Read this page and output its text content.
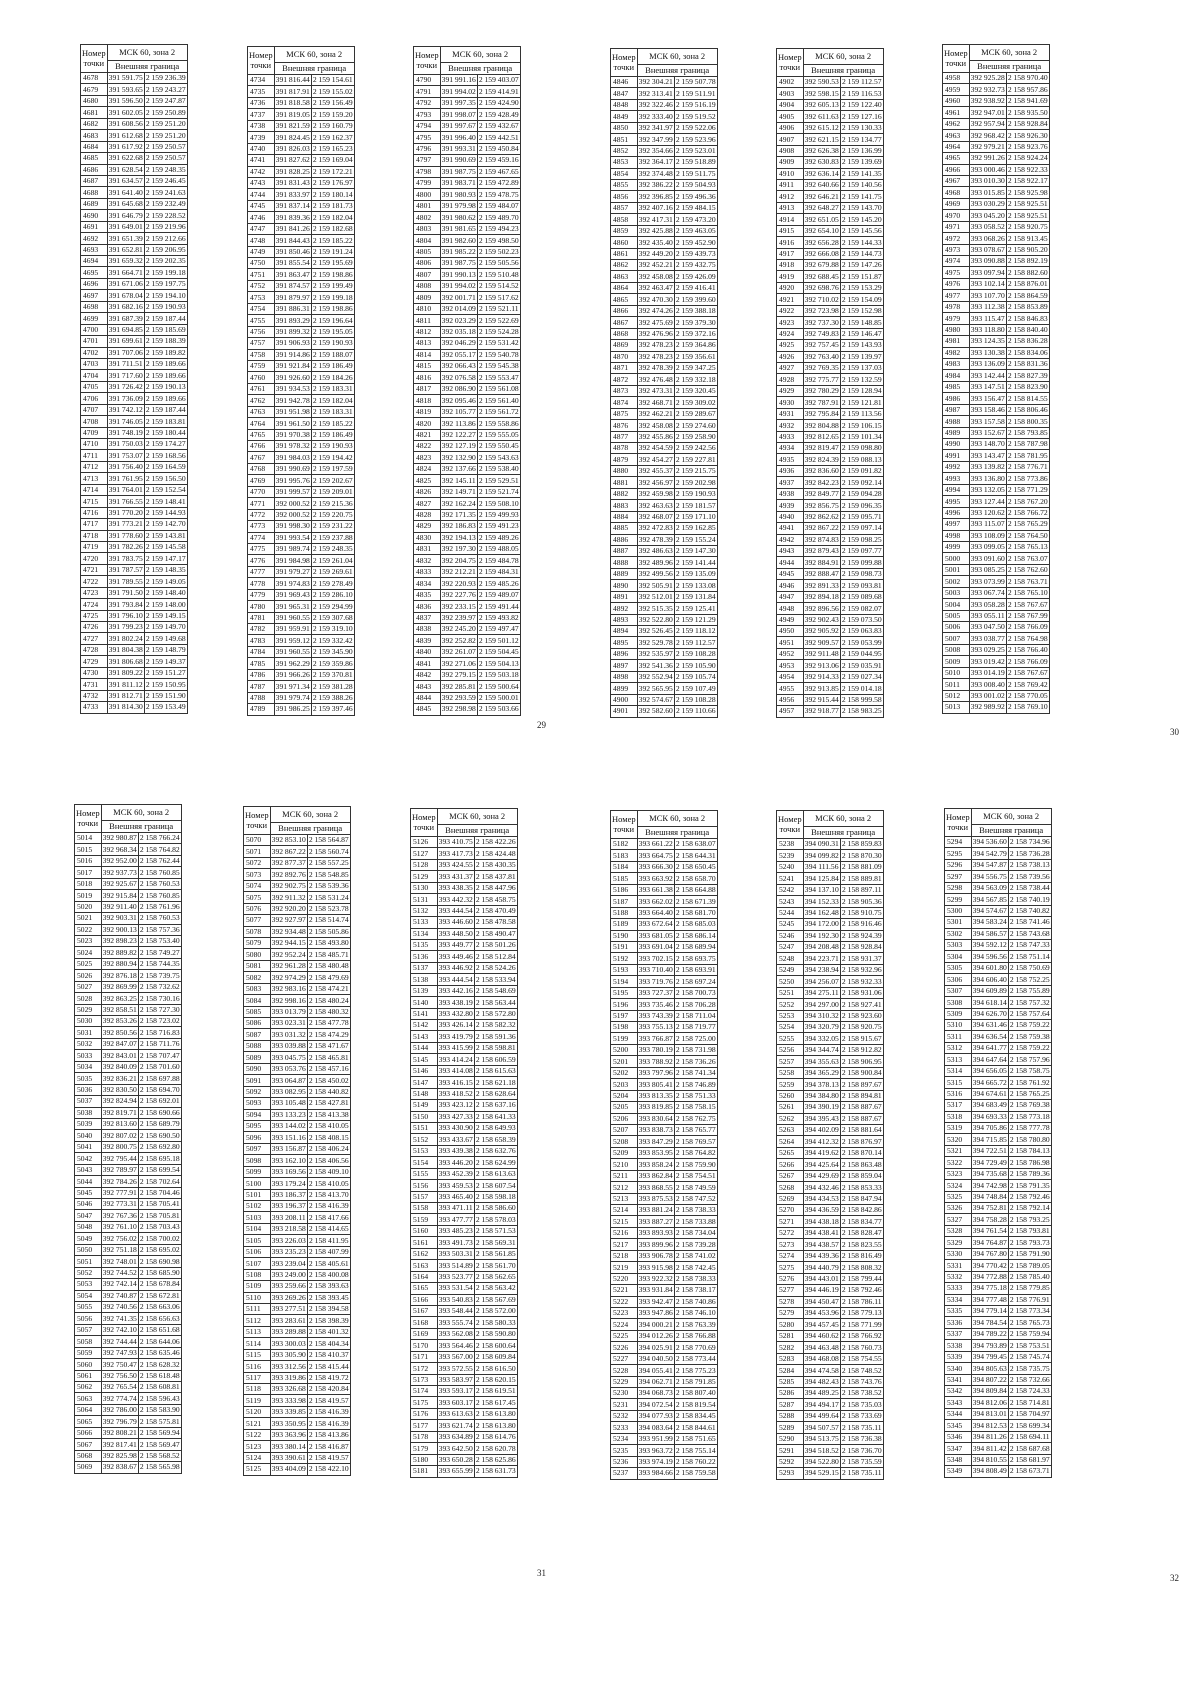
Номер точки	МСК 60, зона 2	
	Внешняя граница	
4678	391 591.75	2 159 236.39
4679	391 593.65	2 159 243.27
4680	391 596.50	2 159 247.87
4681	391 602.05	2 159 250.89
4682	391 608.56	2 159 251.20
4683	391 612.68	2 159 251.20
4684	391 617.92	2 159 250.57
4685	391 622.68	2 159 250.57
4686	391 628.54	2 159 248.35
4687	391 634.57	2 159 246.45
4688	391 641.40	2 159 241.63
4689	391 645.68	2 159 232.49
4690	391 646.79	2 159 228.52
4691	391 649.01	2 159 219.96
4692	391 651.39	2 159 212.66
4693	391 652.81	2 159 206.95
4694	391 659.32	2 159 202.35
4695	391 664.71	2 159 199.18
4696	391 671.06	2 159 197.75
4697	391 678.04	2 159 194.10
4698	391 682.16	2 159 190.93
4699	391 687.39	2 159 187.44
4700	391 694.85	2 159 185.69
4701	391 699.61	2 159 188.39
4702	391 707.06	2 159 189.82
4703	391 711.51	2 159 189.66
4704	391 717.60	2 159 189.66
4705	391 726.42	2 159 190.13
4706	391 736.09	2 159 189.66
4707	391 742.12	2 159 187.44
4708	391 746.05	2 159 183.81
4709	391 748.19	2 159 180.44
4710	391 750.03	2 159 174.27
4711	391 753.07	2 159 168.56
4712	391 756.40	2 159 164.59
4713	391 761.95	2 159 156.50
4714	391 764.01	2 159 152.54
4715	391 766.55	2 159 148.41
4716	391 770.20	2 159 144.93
4717	391 773.21	2 159 142.70
4718	391 778.60	2 159 143.81
4719	391 782.26	2 159 145.58
4720	391 783.75	2 159 147.17
4721	391 787.57	2 159 148.35
4722	391 789.55	2 159 149.05
4723	391 791.50	2 159 148.40
4724	391 793.84	2 159 148.00
4725	391 796.10	2 159 149.15
4726	391 799.23	2 159 149.70
4727	391 802.24	2 159 149.68
4728	391 804.38	2 159 148.79
4729	391 806.68	2 159 149.37
4730	391 809.22	2 159 151.27
4731	391 811.12	2 159 150.95
4732	391 812.71	2 159 151.90
4733	391 814.30	2 159 153.49
Номер точки	МСК 60, зона 2	
	Внешняя граница	
4734	391 816.44	2 159 154.61
4735	391 817.91	2 159 155.02
4736	391 818.58	2 159 156.49
4737	391 819.05	2 159 159.20
4738	391 821.59	2 159 160.79
4739	391 824.45	2 159 162.37
4740	391 826.03	2 159 165.23
4741	391 827.62	2 159 169.04
4742	391 828.25	2 159 172.21
4743	391 831.43	2 159 176.97
4744	391 833.97	2 159 180.14
4745	391 837.14	2 159 181.73
4746	391 839.36	2 159 182.04
4747	391 841.26	2 159 182.68
4748	391 844.43	2 159 185.22
4749	391 850.46	2 159 191.24
4750	391 855.54	2 159 195.69
4751	391 863.47	2 159 198.86
4752	391 874.57	2 159 199.49
4753	391 879.97	2 159 199.18
4754	391 886.31	2 159 198.86
4755	391 893.29	2 159 196.64
4756	391 899.32	2 159 195.05
4757	391 906.93	2 159 190.93
4758	391 914.86	2 159 188.07
4759	391 921.84	2 159 186.49
4760	391 926.60	2 159 184.26
4761	391 934.53	2 159 183.31
4762	391 942.78	2 159 182.04
4763	391 951.98	2 159 183.31
4764	391 961.50	2 159 185.22
4765	391 970.38	2 159 186.49
4766	391 978.32	2 159 190.93
4767	391 984.03	2 159 194.42
4768	391 990.69	2 159 197.59
4769	391 995.76	2 159 202.67
4770	391 999.57	2 159 209.01
4771	392 000.52	2 159 215.36
4772	392 000.52	2 159 220.75
4773	391 998.30	2 159 231.22
4774	391 993.54	2 159 237.88
4775	391 989.74	2 159 248.35
4776	391 984.98	2 159 261.04
4777	391 979.27	2 159 269.61
4778	391 974.83	2 159 278.49
4779	391 969.43	2 159 286.10
4780	391 965.31	2 159 294.99
4781	391 960.55	2 159 307.68
4782	391 959.91	2 159 319.10
4783	391 959.12	2 159 332.42
4784	391 960.55	2 159 345.90
4785	391 962.29	2 159 359.86
4786	391 966.26	2 159 370.81
4787	391 971.34	2 159 381.28
4788	391 979.74	2 159 388.26
4789	391 986.25	2 159 397.46
Номер точки	МСК 60, зона 2	
	Внешняя граница	
4790	391 991.16	2 159 403.07
4791	391 994.02	2 159 414.91
4792	391 997.35	2 159 424.90
4793	391 998.07	2 159 428.49
4794	391 997.67	2 159 432.67
4795	391 996.40	2 159 442.51
4796	391 993.31	2 159 450.84
4797	391 990.69	2 159 459.16
4798	391 987.75	2 159 467.65
4799	391 983.71	2 159 472.89
4800	391 980.93	2 159 478.75
4801	391 979.98	2 159 484.07
4802	391 980.62	2 159 489.70
4803	391 981.65	2 159 494.23
4804	391 982.60	2 159 498.50
4805	391 985.22	2 159 502.23
4806	391 987.75	2 159 505.56
4807	391 990.13	2 159 510.48
4808	391 994.02	2 159 514.52
4809	392 001.71	2 159 517.62
4810	392 014.09	2 159 521.11
4811	392 023.29	2 159 522.69
4812	392 035.18	2 159 524.28
4813	392 046.29	2 159 531.42
4814	392 055.17	2 159 540.78
4815	392 066.43	2 159 545.38
4816	392 076.58	2 159 553.47
4817	392 086.90	2 159 561.08
4818	392 095.46	2 159 561.40
4819	392 105.77	2 159 561.72
4820	392 113.86	2 159 558.86
4821	392 122.27	2 159 555.05
4822	392 127.19	2 159 550.45
4823	392 132.90	2 159 543.63
4824	392 137.66	2 159 538.40
4825	392 145.11	2 159 529.51
4826	392 149.71	2 159 521.74
4827	392 162.24	2 159 508.10
4828	392 171.35	2 159 499.93
4829	392 186.83	2 159 491.23
4830	392 194.13	2 159 489.26
4831	392 197.30	2 159 488.05
4832	392 204.75	2 159 484.78
4833	392 212.21	2 159 484.31
4834	392 220.93	2 159 485.26
4835	392 227.76	2 159 489.07
4836	392 233.15	2 159 491.44
4837	392 239.97	2 159 493.82
4838	392 245.20	2 159 497.47
4839	392 252.82	2 159 501.12
4840	392 261.07	2 159 504.45
4841	392 271.06	2 159 504.13
4842	392 279.15	2 159 503.18
4843	392 285.81	2 159 500.64
4844	392 293.59	2 159 500.01
4845	392 298.98	2 159 503.66
29
Номер точки	МСК 60, зона 2	
	Внешняя граница	
4846	392 304.21	2 159 507.78
4847	392 313.41	2 159 511.91
4848	392 322.46	2 159 516.19
4849	392 333.40	2 159 519.52
4850	392 341.97	2 159 522.06
4851	392 347.99	2 159 523.96
4852	392 354.66	2 159 523.01
4853	392 364.17	2 159 518.89
4854	392 374.48	2 159 511.75
4855	392 386.22	2 159 504.93
4856	392 396.85	2 159 496.36
4857	392 407.16	2 159 484.15
4858	392 417.31	2 159 473.20
4859	392 425.88	2 159 463.05
4860	392 435.40	2 159 452.90
4861	392 449.20	2 159 439.73
4862	392 452.21	2 159 432.75
4863	392 458.08	2 159 426.09
4864	392 463.47	2 159 416.41
4865	392 470.30	2 159 399.60
4866	392 474.26	2 159 388.18
4867	392 475.69	2 159 379.30
4868	392 476.96	2 159 372.16
4869	392 478.23	2 159 364.86
4870	392 478.23	2 159 356.61
4871	392 478.39	2 159 347.25
4872	392 476.48	2 159 332.18
4873	392 473.31	2 159 320.45
4874	392 468.71	2 159 309.02
4875	392 462.21	2 159 289.67
4876	392 458.08	2 159 274.60
4877	392 455.86	2 159 258.90
4878	392 454.59	2 159 242.56
4879	392 454.27	2 159 227.81
4880	392 455.37	2 159 215.75
4881	392 456.97	2 159 202.98
4882	392 459.98	2 159 190.93
4883	392 463.63	2 159 181.57
4884	392 468.07	2 159 171.10
4885	392 472.83	2 159 162.85
4886	392 478.39	2 159 155.24
4887	392 486.63	2 159 147.30
4888	392 489.96	2 159 141.44
4889	392 499.56	2 159 135.09
4890	392 505.91	2 159 133.08
4891	392 512.01	2 159 131.84
4892	392 515.35	2 159 125.41
4893	392 522.80	2 159 121.29
4894	392 526.45	2 159 118.12
4895	392 529.78	2 159 112.57
4896	392 535.97	2 159 108.28
4897	392 541.36	2 159 105.90
4898	392 552.94	2 159 105.74
4899	392 565.95	2 159 107.49
4900	392 574.67	2 159 108.28
4901	392 582.60	2 159 110.66
Номер точки	МСК 60, зона 2	
	Внешняя граница	
4902	392 590.53	2 159 112.57
4903	392 598.15	2 159 116.53
4904	392 605.13	2 159 122.40
4905	392 611.63	2 159 127.16
4906	392 615.12	2 159 130.33
4907	392 621.15	2 159 134.77
4908	392 626.38	2 159 136.99
4909	392 630.83	2 159 139.69
4910	392 636.14	2 159 141.35
4911	392 640.66	2 159 140.56
4912	392 646.21	2 159 141.75
4913	392 648.27	2 159 143.70
4914	392 651.05	2 159 145.20
4915	392 654.10	2 159 145.56
4916	392 656.28	2 159 144.33
4917	392 666.08	2 159 144.73
4918	392 679.88	2 159 147.26
4919	392 688.45	2 159 151.87
4920	392 698.76	2 159 153.29
4921	392 710.02	2 159 154.09
4922	392 723.98	2 159 152.98
4923	392 737.30	2 159 148.85
4924	392 749.83	2 159 146.47
4925	392 757.45	2 159 143.93
4926	392 763.40	2 159 139.97
4927	392 769.35	2 159 137.03
4928	392 775.77	2 159 132.59
4929	392 780.29	2 159 128.94
4930	392 787.91	2 159 121.81
4931	392 795.84	2 159 113.56
4932	392 804.88	2 159 106.15
4933	392 812.65	2 159 101.34
4934	392 819.47	2 159 098.80
4935	392 824.39	2 159 088.13
4936	392 836.60	2 159 091.82
4937	392 842.23	2 159 092.14
4938	392 849.77	2 159 094.28
4939	392 856.75	2 159 096.35
4940	392 862.62	2 159 095.71
4941	392 867.22	2 159 097.14
4942	392 874.83	2 159 098.25
4943	392 879.43	2 159 097.77
4944	392 884.91	2 159 099.88
4945	392 888.47	2 159 098.73
4946	392 891.33	2 159 093.81
4947	392 894.18	2 159 089.68
4948	392 896.56	2 159 082.07
4949	392 902.43	2 159 073.50
4950	392 905.92	2 159 063.83
4951	392 909.57	2 159 053.99
4952	392 911.48	2 159 044.95
4953	392 913.06	2 159 035.91
4954	392 914.33	2 159 027.34
4955	392 913.85	2 159 014.18
4956	392 915.44	2 158 999.58
4957	392 918.77	2 158 983.25
Номер точки	МСК 60, зона 2	
	Внешняя граница	
4958	392 925.28	2 158 970.40
4959	392 932.73	2 158 957.86
4960	392 938.92	2 158 941.69
4961	392 947.01	2 158 935.50
4962	392 957.94	2 158 928.84
4963	392 968.42	2 158 926.30
4964	392 979.21	2 158 923.76
4965	392 991.26	2 158 924.24
4966	393 000.46	2 158 922.33
4967	393 010.30	2 158 922.17
4968	393 015.85	2 158 925.98
4969	393 030.29	2 158 925.51
4970	393 045.20	2 158 925.51
4971	393 058.52	2 158 920.75
4972	393 068.26	2 158 913.45
4973	393 078.67	2 158 905.20
4974	393 090.88	2 158 892.19
4975	393 097.94	2 158 882.60
4976	393 102.14	2 158 876.01
4977	393 107.70	2 158 864.59
4978	393 112.38	2 158 853.89
4979	393 115.47	2 158 846.83
4980	393 118.80	2 158 840.40
4981	393 124.35	2 158 836.28
4982	393 130.38	2 158 834.06
4983	393 136.09	2 158 831.36
4984	393 142.44	2 158 827.39
4985	393 147.51	2 158 823.90
4986	393 156.47	2 158 814.55
4987	393 158.46	2 158 806.46
4988	393 157.58	2 158 800.35
4989	393 152.67	2 158 793.85
4990	393 148.70	2 158 787.98
4991	393 143.47	2 158 781.95
4992	393 139.82	2 158 776.71
4993	393 136.80	2 158 773.86
4994	393 132.05	2 158 771.29
4995	393 127.44	2 158 767.20
4996	393 120.62	2 158 766.72
4997	393 115.07	2 158 765.29
4998	393 108.09	2 158 764.50
4999	393 099.05	2 158 765.13
5000	393 091.60	2 158 763.07
5001	393 085.25	2 158 762.60
5002	393 073.99	2 158 763.71
5003	393 067.74	2 158 765.10
5004	393 058.28	2 158 767.67
5005	393 055.11	2 158 767.99
5006	393 047.50	2 158 766.09
5007	393 038.77	2 158 764.98
5008	393 029.25	2 158 766.40
5009	393 019.42	2 158 766.09
5010	393 014.19	2 158 767.67
5011	393 008.40	2 158 769.42
5012	393 001.02	2 158 770.05
5013	392 989.92	2 158 769.10
30
Номер точки	МСК 60, зона 2	
	Внешняя граница	
5014	392 980.87	2 158 766.24
5015	392 968.34	2 158 764.82
5016	392 952.00	2 158 762.44
5017	392 937.73	2 158 760.85
5018	392 925.67	2 158 760.53
5019	392 915.84	2 158 760.85
5020	392 911.40	2 158 761.96
5021	392 903.31	2 158 760.53
5022	392 900.13	2 158 757.36
5023	392 898.23	2 158 753.40
5024	392 889.82	2 158 749.27
5025	392 880.94	2 158 744.35
5026	392 876.18	2 158 739.75
5027	392 869.99	2 158 732.62
5028	392 863.25	2 158 730.16
5029	392 858.51	2 158 727.30
5030	392 853.26	2 158 723.02
5031	392 850.56	2 158 716.83
5032	392 847.07	2 158 711.76
5033	392 843.01	2 158 707.47
5034	392 840.09	2 158 701.60
5035	392 836.21	2 158 697.88
5036	392 830.50	2 158 694.70
5037	392 824.94	2 158 692.01
5038	392 819.71	2 158 690.66
5039	392 813.60	2 158 689.79
5040	392 807.02	2 158 690.50
5041	392 800.75	2 158 692.80
5042	392 795.44	2 158 695.18
5043	392 789.97	2 158 699.54
5044	392 784.26	2 158 702.64
5045	392 777.91	2 158 704.46
5046	392 773.31	2 158 705.41
5047	392 767.36	2 158 705.81
5048	392 761.10	2 158 703.43
5049	392 756.02	2 158 700.02
5050	392 751.18	2 158 695.02
5051	392 748.01	2 158 690.98
5052	392 744.52	2 158 685.90
5053	392 742.14	2 158 678.84
5054	392 740.87	2 158 672.81
5055	392 740.56	2 158 663.06
5056	392 741.35	2 158 656.63
5057	392 742.10	2 158 651.68
5058	392 744.44	2 158 644.06
5059	392 747.93	2 158 635.46
5060	392 750.47	2 158 628.32
5061	392 756.50	2 158 618.48
5062	392 765.54	2 158 608.81
5063	392 774.74	2 158 596.43
5064	392 786.00	2 158 583.90
5065	392 796.79	2 158 575.81
5066	392 808.21	2 158 569.94
5067	392 817.41	2 158 569.47
5068	392 825.98	2 158 568.52
5069	392 838.67	2 158 565.98
Номер точки	МСК 60, зона 2	
	Внешняя граница	
5070	392 853.10	2 158 564.87
5071	392 867.22	2 158 560.74
5072	392 877.37	2 158 557.25
5073	392 892.76	2 158 548.85
5074	392 902.75	2 158 539.36
5075	392 911.32	2 158 531.24
5076	392 920.20	2 158 523.78
5077	392 927.97	2 158 514.74
5078	392 934.48	2 158 505.86
5079	392 944.15	2 158 493.80
5080	392 952.24	2 158 485.71
5081	392 961.28	2 158 480.48
5082	392 974.29	2 158 479.69
5083	392 983.16	2 158 474.21
5084	392 998.16	2 158 480.24
5085	393 013.79	2 158 480.32
5086	393 023.31	2 158 477.78
5087	393 031.32	2 158 474.29
5088	393 039.88	2 158 471.67
5089	393 045.75	2 158 465.81
5090	393 053.76	2 158 457.16
5091	393 064.87	2 158 450.02
5092	393 082.95	2 158 440.82
5093	393 105.48	2 158 427.81
5094	393 133.23	2 158 413.38
5095	393 144.02	2 158 410.05
5096	393 151.16	2 158 408.15
5097	393 156.87	2 158 406.24
5098	393 162.10	2 158 406.56
5099	393 169.56	2 158 409.10
5100	393 179.24	2 158 410.05
5101	393 186.37	2 158 413.70
5102	393 196.37	2 158 416.39
5103	393 208.11	2 158 417.66
5104	393 218.58	2 158 414.65
5105	393 226.03	2 158 411.95
5106	393 235.23	2 158 407.99
5107	393 239.04	2 158 405.61
5108	393 249.00	2 158 400.08
5109	393 259.66	2 158 393.63
5110	393 269.26	2 158 393.45
5111	393 277.51	2 158 394.58
5112	393 283.61	2 158 398.39
5113	393 289.88	2 158 401.32
5114	393 300.03	2 158 404.34
5115	393 305.90	2 158 410.37
5116	393 312.56	2 158 415.44
5117	393 319.86	2 158 419.72
5118	393 326.68	2 158 420.84
5119	393 333.98	2 158 419.57
5120	393 339.85	2 158 416.39
5121	393 350.95	2 158 416.39
5122	393 363.96	2 158 413.86
5123	393 380.14	2 158 416.87
5124	393 390.61	2 158 419.57
5125	393 404.09	2 158 422.10
Номер точки	МСК 60, зона 2	
	Внешняя граница	
5126	393 410.75	2 158 422.26
5127	393 417.73	2 158 424.48
5128	393 424.55	2 158 430.35
5129	393 431.37	2 158 437.81
5130	393 438.35	2 158 447.96
5131	393 442.32	2 158 458.75
5132	393 444.54	2 158 470.49
5133	393 446.60	2 158 478.58
5134	393 448.50	2 158 490.47
5135	393 449.77	2 158 501.26
5136	393 449.46	2 158 512.84
5137	393 446.92	2 158 524.26
5138	393 444.54	2 158 533.94
5139	393 442.16	2 158 548.69
5140	393 438.19	2 158 563.44
5141	393 432.80	2 158 572.80
5142	393 426.14	2 158 582.32
5143	393 419.79	2 158 591.36
5144	393 415.99	2 158 598.81
5145	393 414.24	2 158 606.59
5146	393 414.08	2 158 615.63
5147	393 416.15	2 158 621.18
5148	393 418.52	2 158 628.64
5149	393 423.12	2 158 637.16
5150	393 427.33	2 158 641.33
5151	393 430.90	2 158 649.93
5152	393 433.67	2 158 658.39
5153	393 439.38	2 158 632.76
5154	393 446.20	2 158 624.99
5155	393 452.39	2 158 613.63
5156	393 459.53	2 158 607.54
5157	393 465.40	2 158 598.18
5158	393 471.11	2 158 586.60
5159	393 477.77	2 158 578.03
5160	393 485.23	2 158 571.53
5161	393 491.73	2 158 569.31
5162	393 503.31	2 158 561.85
5163	393 514.89	2 158 561.70
5164	393 523.77	2 158 562.65
5165	393 531.54	2 158 563.42
5166	393 540.83	2 158 567.69
5167	393 548.44	2 158 572.00
5168	393 555.74	2 158 580.33
5169	393 562.08	2 158 590.80
5170	393 564.46	2 158 600.64
5171	393 567.00	2 158 609.84
5172	393 572.55	2 158 616.50
5173	393 583.97	2 158 620.15
5174	393 593.17	2 158 619.51
5175	393 603.17	2 158 617.45
5176	393 613.63	2 158 613.80
5177	393 621.74	2 158 613.80
5178	393 634.89	2 158 614.76
5179	393 642.50	2 158 620.78
5180	393 650.28	2 158 625.86
5181	393 655.99	2 158 631.73
31
Номер точки	МСК 60, зона 2	
	Внешняя граница	
5182	393 661.22	2 158 638.07
5183	393 664.75	2 158 644.31
5184	393 666.30	2 158 650.45
5185	393 663.92	2 158 658.70
5186	393 661.38	2 158 664.88
5187	393 662.02	2 158 671.39
5188	393 664.40	2 158 681.70
5189	393 672.64	2 158 685.03
5190	393 681.05	2 158 686.14
5191	393 691.04	2 158 689.94
5192	393 702.15	2 158 693.75
5193	393 710.40	2 158 693.91
5194	393 719.76	2 158 697.24
5195	393 727.37	2 158 700.73
5196	393 735.46	2 158 706.28
5197	393 743.39	2 158 711.04
5198	393 755.13	2 158 719.77
5199	393 766.87	2 158 725.00
5200	393 780.19	2 158 731.98
5201	393 788.92	2 158 736.26
5202	393 797.96	2 158 741.34
5203	393 805.41	2 158 746.89
5204	393 813.35	2 158 751.33
5205	393 819.85	2 158 758.15
5206	393 830.64	2 158 762.75
5207	393 838.73	2 158 765.77
5208	393 847.29	2 158 769.57
5209	393 853.95	2 158 764.82
5210	393 858.24	2 158 759.90
5211	393 862.84	2 158 754.51
5212	393 868.55	2 158 749.59
5213	393 875.53	2 158 747.52
5214	393 881.24	2 158 738.33
5215	393 887.27	2 158 733.88
5216	393 893.93	2 158 734.04
5217	393 899.96	2 158 739.28
5218	393 906.78	2 158 741.02
5219	393 915.98	2 158 742.45
5220	393 922.32	2 158 738.33
5221	393 931.84	2 158 738.17
5222	393 942.47	2 158 740.86
5223	393 947.86	2 158 746.10
5224	394 000.21	2 158 763.39
5225	394 012.26	2 158 766.88
5226	394 025.91	2 158 770.69
5227	394 040.50	2 158 773.44
5228	394 055.41	2 158 775.23
5229	394 062.71	2 158 791.85
5230	394 068.73	2 158 807.40
5231	394 072.54	2 158 819.54
5232	394 077.93	2 158 834.45
5233	394 083.64	2 158 844.61
5234	393 951.99	2 158 751.65
5235	393 963.72	2 158 755.14
5236	393 974.19	2 158 760.22
5237	393 984.66	2 158 759.58
Номер точки	МСК 60, зона 2	
	Внешняя граница	
5238	394 090.31	2 158 859.83
5239	394 099.82	2 158 870.30
5240	394 111.56	2 158 881.09
5241	394 125.84	2 158 889.81
5242	394 137.10	2 158 897.11
5243	394 152.33	2 158 905.36
5244	394 162.48	2 158 910.75
5245	394 172.00	2 158 916.46
5246	394 192.30	2 158 924.39
5247	394 208.48	2 158 928.84
5248	394 223.71	2 158 931.37
5249	394 238.94	2 158 932.96
5250	394 256.07	2 158 932.33
5251	394 275.11	2 158 931.06
5252	394 297.00	2 158 927.41
5253	394 310.32	2 158 923.60
5254	394 320.79	2 158 920.75
5255	394 332.05	2 158 915.67
5256	394 344.74	2 158 912.82
5257	394 355.63	2 158 906.95
5258	394 365.29	2 158 900.84
5259	394 378.13	2 158 897.67
5260	394 384.80	2 158 894.81
5261	394 390.19	2 158 887.67
5262	394 395.43	2 158 887.67
5263	394 402.09	2 158 881.64
5264	394 412.32	2 158 876.97
5265	394 419.62	2 158 870.14
5266	394 425.64	2 158 863.48
5267	394 429.69	2 158 859.04
5268	394 432.46	2 158 853.33
5269	394 434.53	2 158 847.94
5270	394 436.59	2 158 842.86
5271	394 438.18	2 158 834.77
5272	394 438.41	2 158 828.47
5273	394 438.57	2 158 823.55
5274	394 439.36	2 158 816.49
5275	394 440.79	2 158 808.32
5276	394 443.01	2 158 799.44
5277	394 446.19	2 158 792.46
5278	394 450.47	2 158 786.11
5279	394 453.96	2 158 779.13
5280	394 457.45	2 158 771.99
5281	394 460.62	2 158 766.92
5282	394 463.48	2 158 760.73
5283	394 468.08	2 158 754.55
5284	394 474.58	2 158 748.52
5285	394 482.43	2 158 743.76
5286	394 489.25	2 158 738.52
5287	394 494.17	2 158 735.03
5288	394 499.64	2 158 733.69
5289	394 507.57	2 158 735.11
5290	394 513.75	2 158 736.38
5291	394 518.52	2 158 736.70
5292	394 522.80	2 158 735.59
5293	394 529.15	2 158 735.11
Номер точки	МСК 60, зона 2	
	Внешняя граница	
5294	394 536.60	2 158 734.96
5295	394 542.79	2 158 736.28
5296	394 547.87	2 158 738.13
5297	394 556.75	2 158 739.56
5298	394 563.09	2 158 738.44
5299	394 567.85	2 158 740.19
5300	394 574.67	2 158 740.82
5301	394 583.24	2 158 741.46
5302	394 586.57	2 158 743.68
5303	394 592.12	2 158 747.33
5304	394 596.56	2 158 751.14
5305	394 601.80	2 158 750.69
5306	394 606.40	2 158 752.25
5307	394 609.89	2 158 755.89
5308	394 618.14	2 158 757.32
5309	394 626.70	2 158 757.64
5310	394 631.46	2 158 759.22
5311	394 636.54	2 158 759.38
5312	394 641.77	2 158 759.22
5313	394 647.64	2 158 757.96
5314	394 656.05	2 158 758.75
5315	394 665.72	2 158 761.92
5316	394 674.61	2 158 765.25
5317	394 683.49	2 158 769.38
5318	394 693.33	2 158 773.18
5319	394 705.86	2 158 777.78
5320	394 715.85	2 158 780.80
5321	394 722.51	2 158 784.13
5322	394 729.49	2 158 786.98
5323	394 735.68	2 158 789.36
5324	394 742.98	2 158 791.35
5325	394 748.84	2 158 792.46
5326	394 752.81	2 158 792.14
5327	394 758.28	2 158 793.25
5328	394 761.54	2 158 793.81
5329	394 764.87	2 158 793.73
5330	394 767.80	2 158 791.90
5331	394 770.42	2 158 789.05
5332	394 772.88	2 158 785.40
5333	394 775.18	2 158 779.85
5334	394 777.48	2 158 776.91
5335	394 779.14	2 158 773.34
5336	394 784.54	2 158 765.73
5337	394 789.22	2 158 759.94
5338	394 793.89	2 158 753.51
5339	394 799.45	2 158 745.74
5340	394 805.63	2 158 735.75
5341	394 807.22	2 158 732.66
5342	394 809.84	2 158 724.33
5343	394 812.06	2 158 714.81
5344	394 813.01	2 158 704.97
5345	394 812.53	2 158 699.34
5346	394 811.26	2 158 694.11
5347	394 811.42	2 158 687.68
5348	394 810.55	2 158 681.97
5349	394 808.49	2 158 673.71
32
